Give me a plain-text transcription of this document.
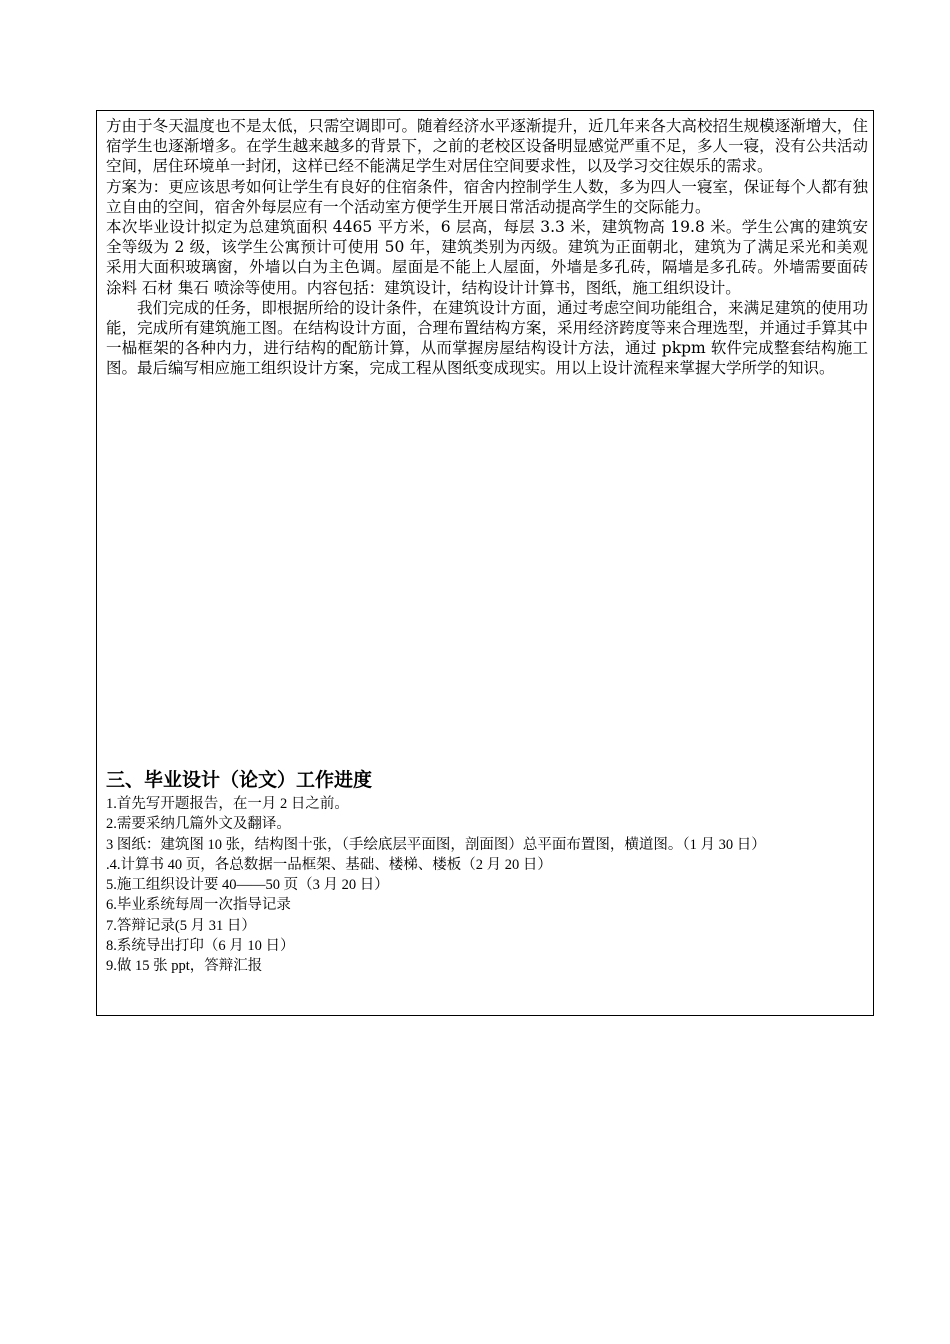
方由于冬天温度也不是太低，只需空调即可。随着经济水平逐渐提升，近几年来各大高校招生规模逐渐增大，住宿学生也逐渐增多。在学生越来越多的背景下，之前的老校区设备明显感觉严重不足，多人一寝，没有公共活动空间，居住环境单一封闭，这样已经不能满足学生对居住空间要求性，以及学习交往娱乐的需求。

方案为：更应该思考如何让学生有良好的住宿条件，宿舍内控制学生人数，多为四人一寝室，保证每个人都有独立自由的空间，宿舍外每层应有一个活动室方便学生开展日常活动提高学生的交际能力。

本次毕业设计拟定为总建筑面积 4465 平方米，6 层高，每层 3.3 米，建筑物高 19.8 米。学生公寓的建筑安全等级为 2 级，该学生公寓预计可使用 50 年，建筑类别为丙级。建筑为正面朝北，建筑为了满足采光和美观采用大面积玻璃窗，外墙以白为主色调。屋面是不能上人屋面，外墙是多孔砖，隔墙是多孔砖。外墙需要面砖 涂料 石材 集石 喷涂等使用。内容包括：建筑设计，结构设计计算书，图纸，施工组织设计。

我们完成的任务，即根据所给的设计条件，在建筑设计方面，通过考虑空间功能组合，来满足建筑的使用功能，完成所有建筑施工图。在结构设计方面，合理布置结构方案，采用经济跨度等来合理选型，并通过手算其中一榀框架的各种内力，进行结构的配筋计算，从而掌握房屋结构设计方法，通过 pkpm 软件完成整套结构施工图。最后编写相应施工组织设计方案，完成工程从图纸变成现实。用以上设计流程来掌握大学所学的知识。

三、毕业设计（论文）工作进度
1.首先写开题报告，在一月 2 日之前。
2.需要采纳几篇外文及翻译。
3 图纸：建筑图 10 张，结构图十张，（手绘底层平面图，剖面图）总平面布置图，横道图。（1 月 30 日）
.4.计算书 40 页，各总数据一品框架、基础、楼梯、楼板（2 月 20 日）
5.施工组织设计要 40——50 页（3 月 20 日）
6.毕业系统每周一次指导记录
7.答辩记录(5 月 31 日）
8.系统导出打印（6 月 10 日）
9.做 15 张 ppt，答辩汇报
